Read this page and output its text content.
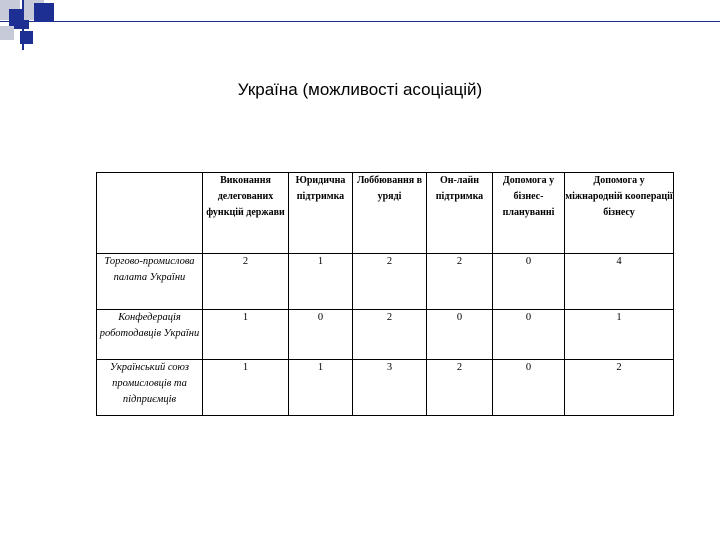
Україна (можливості асоціацій)
	Виконання делегованих функцій держави	Юридична підтримка	Лоббювання в уряді	Он-лайн підтримка	Допомога у бізнес-плануванні	Допомога у міжнародній кооперації бізнесу
Торгово-промислова палата України	2	1	2	2	0	4
Конфедерація роботодавців України	1	0	2	0	0	1
Український союз промисловців та підприємців	1	1	3	2	0	2
